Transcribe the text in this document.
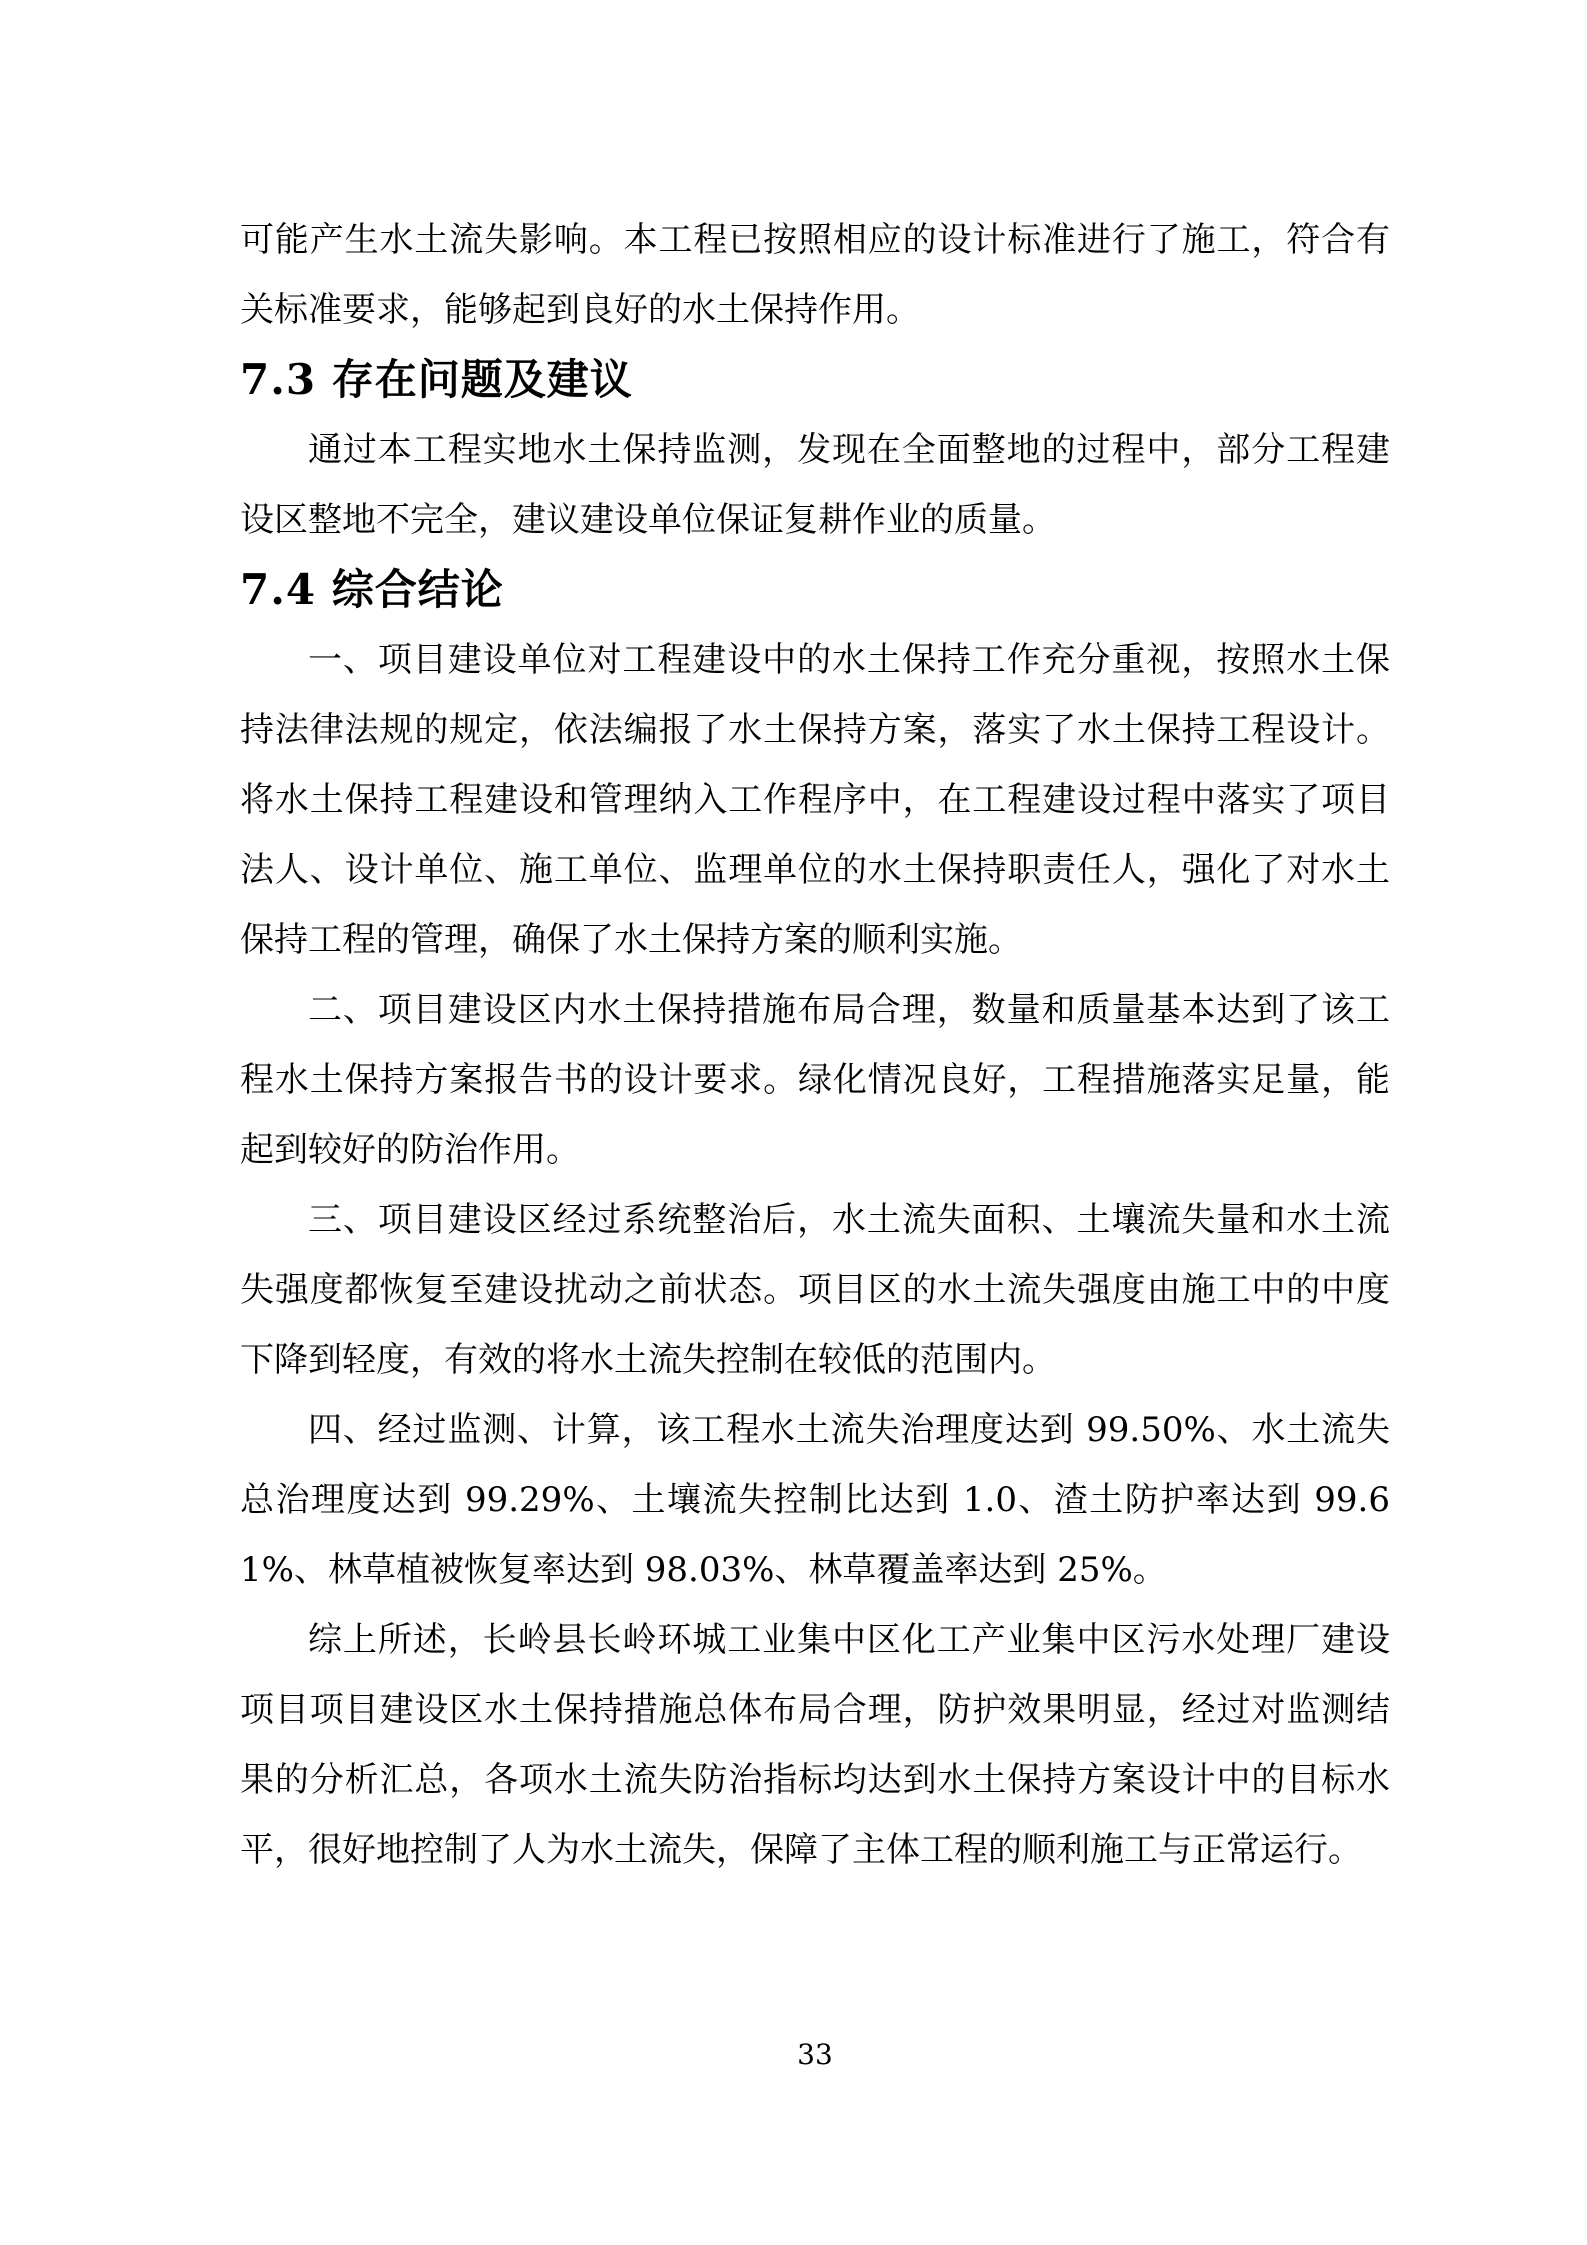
可能产生水土流失影响。本工程已按照相应的设计标准进行了施工，符合有关标准要求，能够起到良好的水土保持作用。

7.3 存在问题及建议

通过本工程实地水土保持监测，发现在全面整地的过程中，部分工程建设区整地不完全，建议建设单位保证复耕作业的质量。

7.4 综合结论

一、项目建设单位对工程建设中的水土保持工作充分重视，按照水土保持法律法规的规定，依法编报了水土保持方案，落实了水土保持工程设计。将水土保持工程建设和管理纳入工作程序中，在工程建设过程中落实了项目法人、设计单位、施工单位、监理单位的水土保持职责任人，强化了对水土保持工程的管理，确保了水土保持方案的顺利实施。

二、项目建设区内水土保持措施布局合理，数量和质量基本达到了该工程水土保持方案报告书的设计要求。绿化情况良好，工程措施落实足量，能起到较好的防治作用。

三、项目建设区经过系统整治后，水土流失面积、土壤流失量和水土流失强度都恢复至建设扰动之前状态。项目区的水土流失强度由施工中的中度下降到轻度，有效的将水土流失控制在较低的范围内。

四、经过监测、计算，该工程水土流失治理度达到 99.50%、水土流失总治理度达到 99.29%、土壤流失控制比达到 1.0、渣土防护率达到 99.61%、林草植被恢复率达到 98.03%、林草覆盖率达到 25%。

综上所述，长岭县长岭环城工业集中区化工产业集中区污水处理厂建设项目项目建设区水土保持措施总体布局合理，防护效果明显，经过对监测结果的分析汇总，各项水土流失防治指标均达到水土保持方案设计中的目标水平，很好地控制了人为水土流失，保障了主体工程的顺利施工与正常运行。

33
